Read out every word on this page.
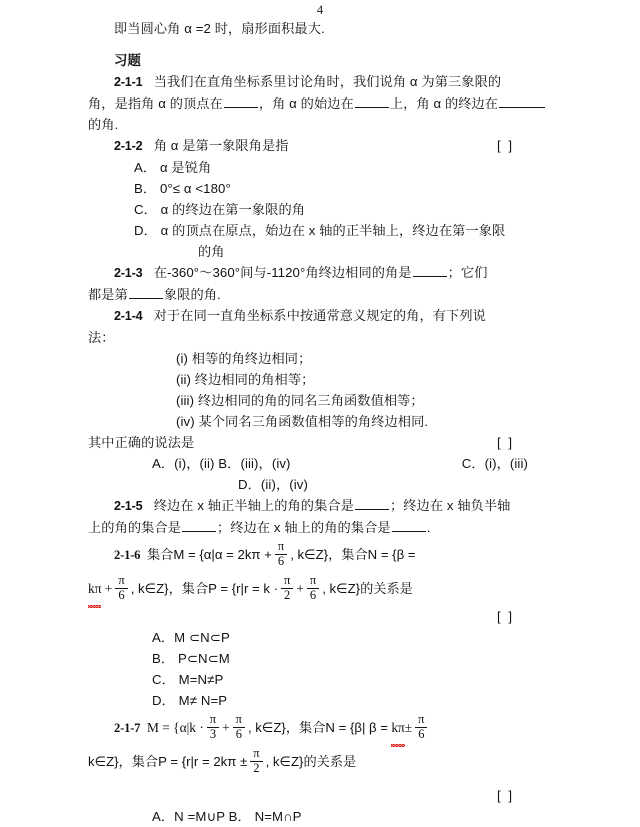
4
即当圆心角 α =2 时，扇形面积最大.
习题
2-1-1 当我们在直角坐标系里讨论角时，我们说角 α 为第三象限的
角，是指角 α 的顶点在	，角 α 的始边在	上，角 α 的终边在
的角.
2-1-2 角 α 是第一象限角是指	[ ]
A． α 是锐角
B． 0°≤ α <180°
C． α 的终边在第一象限的角
D． α 的顶点在原点，始边在 x 轴的正半轴上，终边在第一象限
的角
2-1-3 在-360°～360°间与-1120°角终边相同的角是	；它们
都是第	象限的角.
2-1-4 对于在同一直角坐标系中按通常意义规定的角，有下列说
法：
(i) 相等的角终边相同；
(ii) 终边相同的角相等；
(iii) 终边相同的角的同名三角函数值相等；
(iv) 某个同名三角函数值相等的角终边相同.
其中正确的说法是	[ ]
A．(i)，(ii) B．(iii)，(iv)	C．(i)，(iii)
D．(ii)，(iv)
2-1-5 终边在 x 轴正半轴上的角的集合是	；终边在 x 轴负半轴
上的角的集合是	；终边在 x 轴上的角的集合是	.
2-1-6 集合$M = \{\alpha|\alpha = 2k\pi + \frac{\pi}{6}$ , k∈Z}，集合N = {β =
$k\pi + \frac{\pi}{6}$ , k∈Z}，集合$P = \{r|r = k \cdot \frac{\pi}{2} + \frac{\pi}{6}$ , k∈Z}的关系是
[ ]
A．M ⊂N⊂P
B． P⊂N⊂M
C． M=N≠P
D． M≠ N=P
2-1-7 $M = \{\alpha|k \cdot \frac{\pi}{3} + \frac{\pi}{6}$ , k∈Z}，集合N = {β| $\beta = k\pi\pm \frac{\pi}{6}$
k∈Z}，集合$P = \{r|r = 2k\pi \pm \frac{\pi}{2}$ , k∈Z}的关系是
[ ]
A．N =M∪P B． N=M∩P
